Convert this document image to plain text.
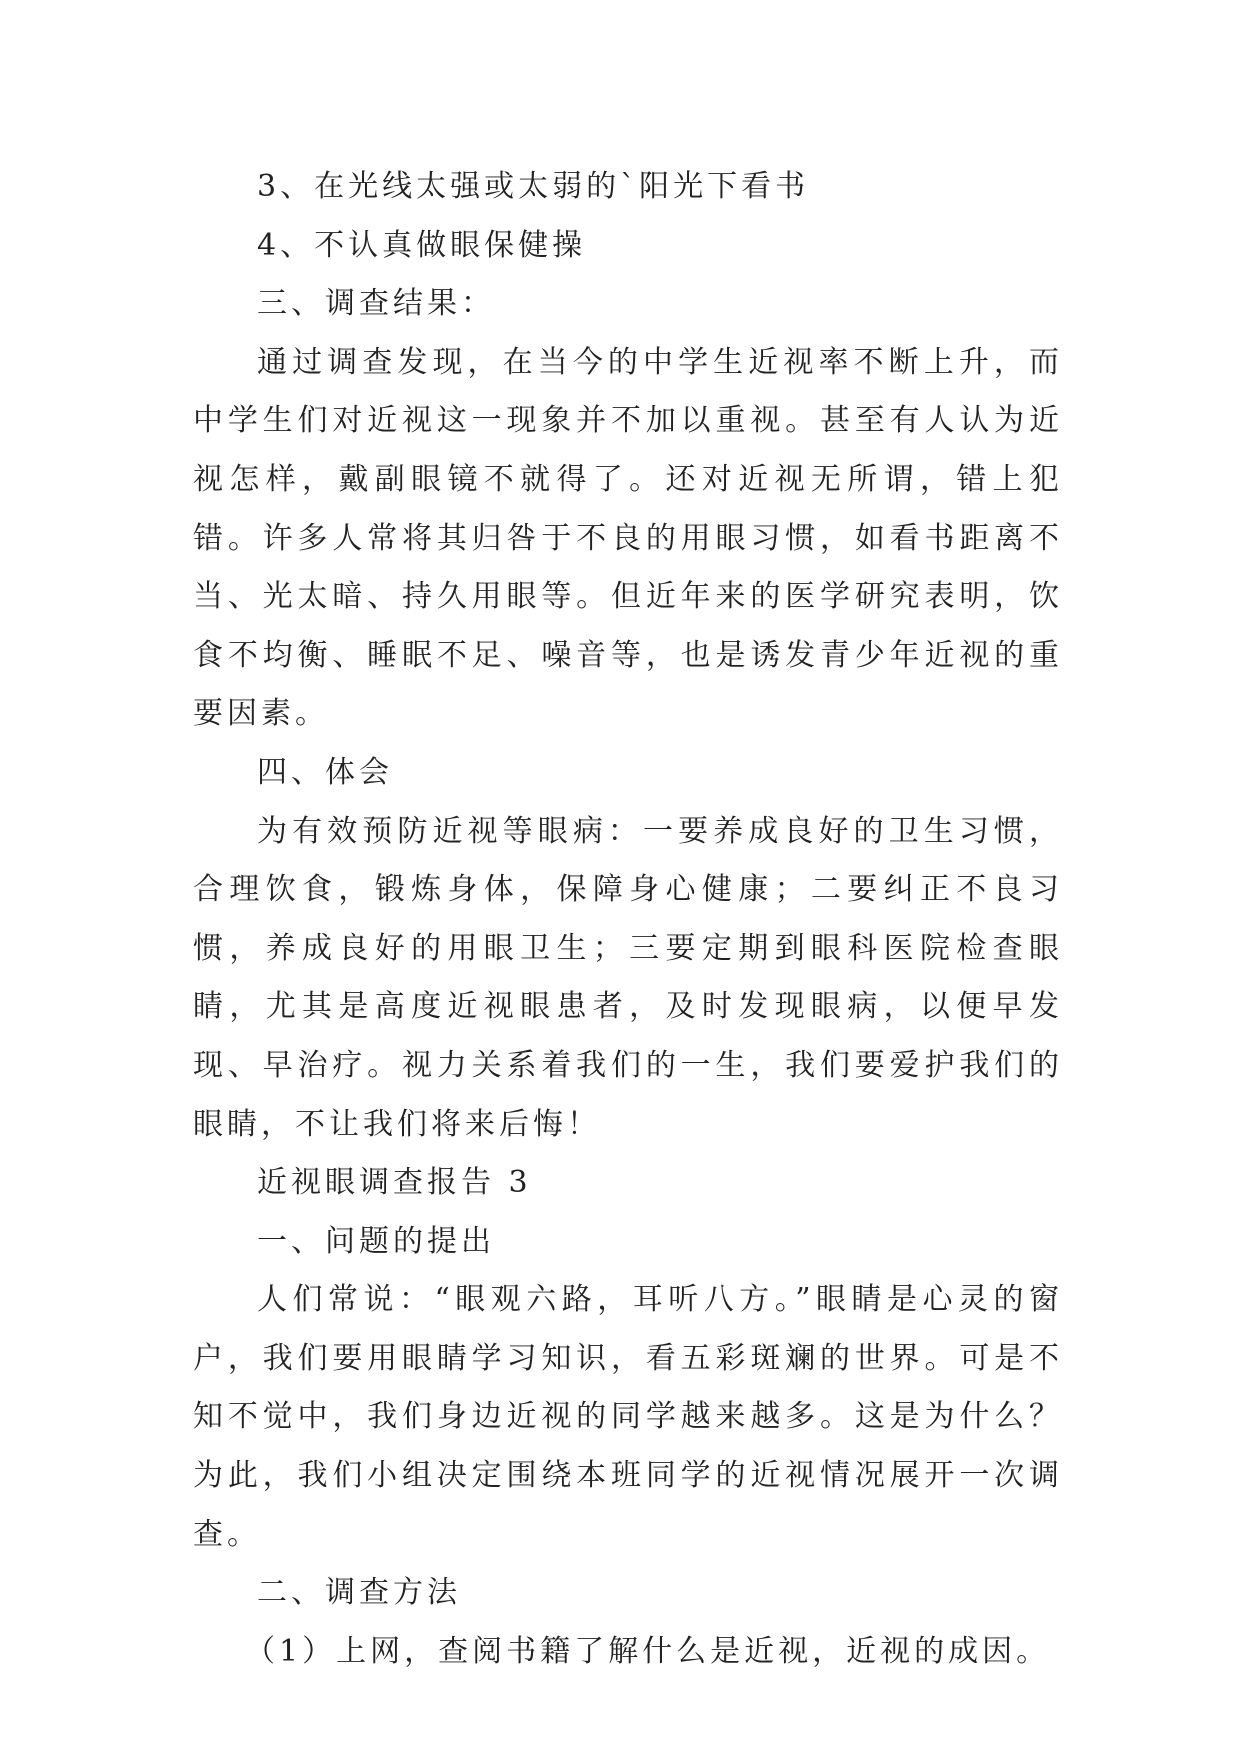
3、在光线太强或太弱的`阳光下看书

4、不认真做眼保健操

三、调查结果：

通过调查发现，在当今的中学生近视率不断上升，而中学生们对近视这一现象并不加以重视。甚至有人认为近视怎样，戴副眼镜不就得了。还对近视无所谓，错上犯错。许多人常将其归咎于不良的用眼习惯，如看书距离不当、光太暗、持久用眼等。但近年来的医学研究表明，饮食不均衡、睡眠不足、噪音等，也是诱发青少年近视的重要因素。

四、体会

为有效预防近视等眼病：一要养成良好的卫生习惯，合理饮食，锻炼身体，保障身心健康；二要纠正不良习惯，养成良好的用眼卫生；三要定期到眼科医院检查眼睛，尤其是高度近视眼患者，及时发现眼病，以便早发现、早治疗。视力关系着我们的一生，我们要爱护我们的眼睛，不让我们将来后悔！

近视眼调查报告 3

一、问题的提出

人们常说：“眼观六路，耳听八方。”眼睛是心灵的窗户，我们要用眼睛学习知识，看五彩斑斓的世界。可是不知不觉中，我们身边近视的同学越来越多。这是为什么？为此，我们小组决定围绕本班同学的近视情况展开一次调查。

二、调查方法

（1）上网，查阅书籍了解什么是近视，近视的成因。
